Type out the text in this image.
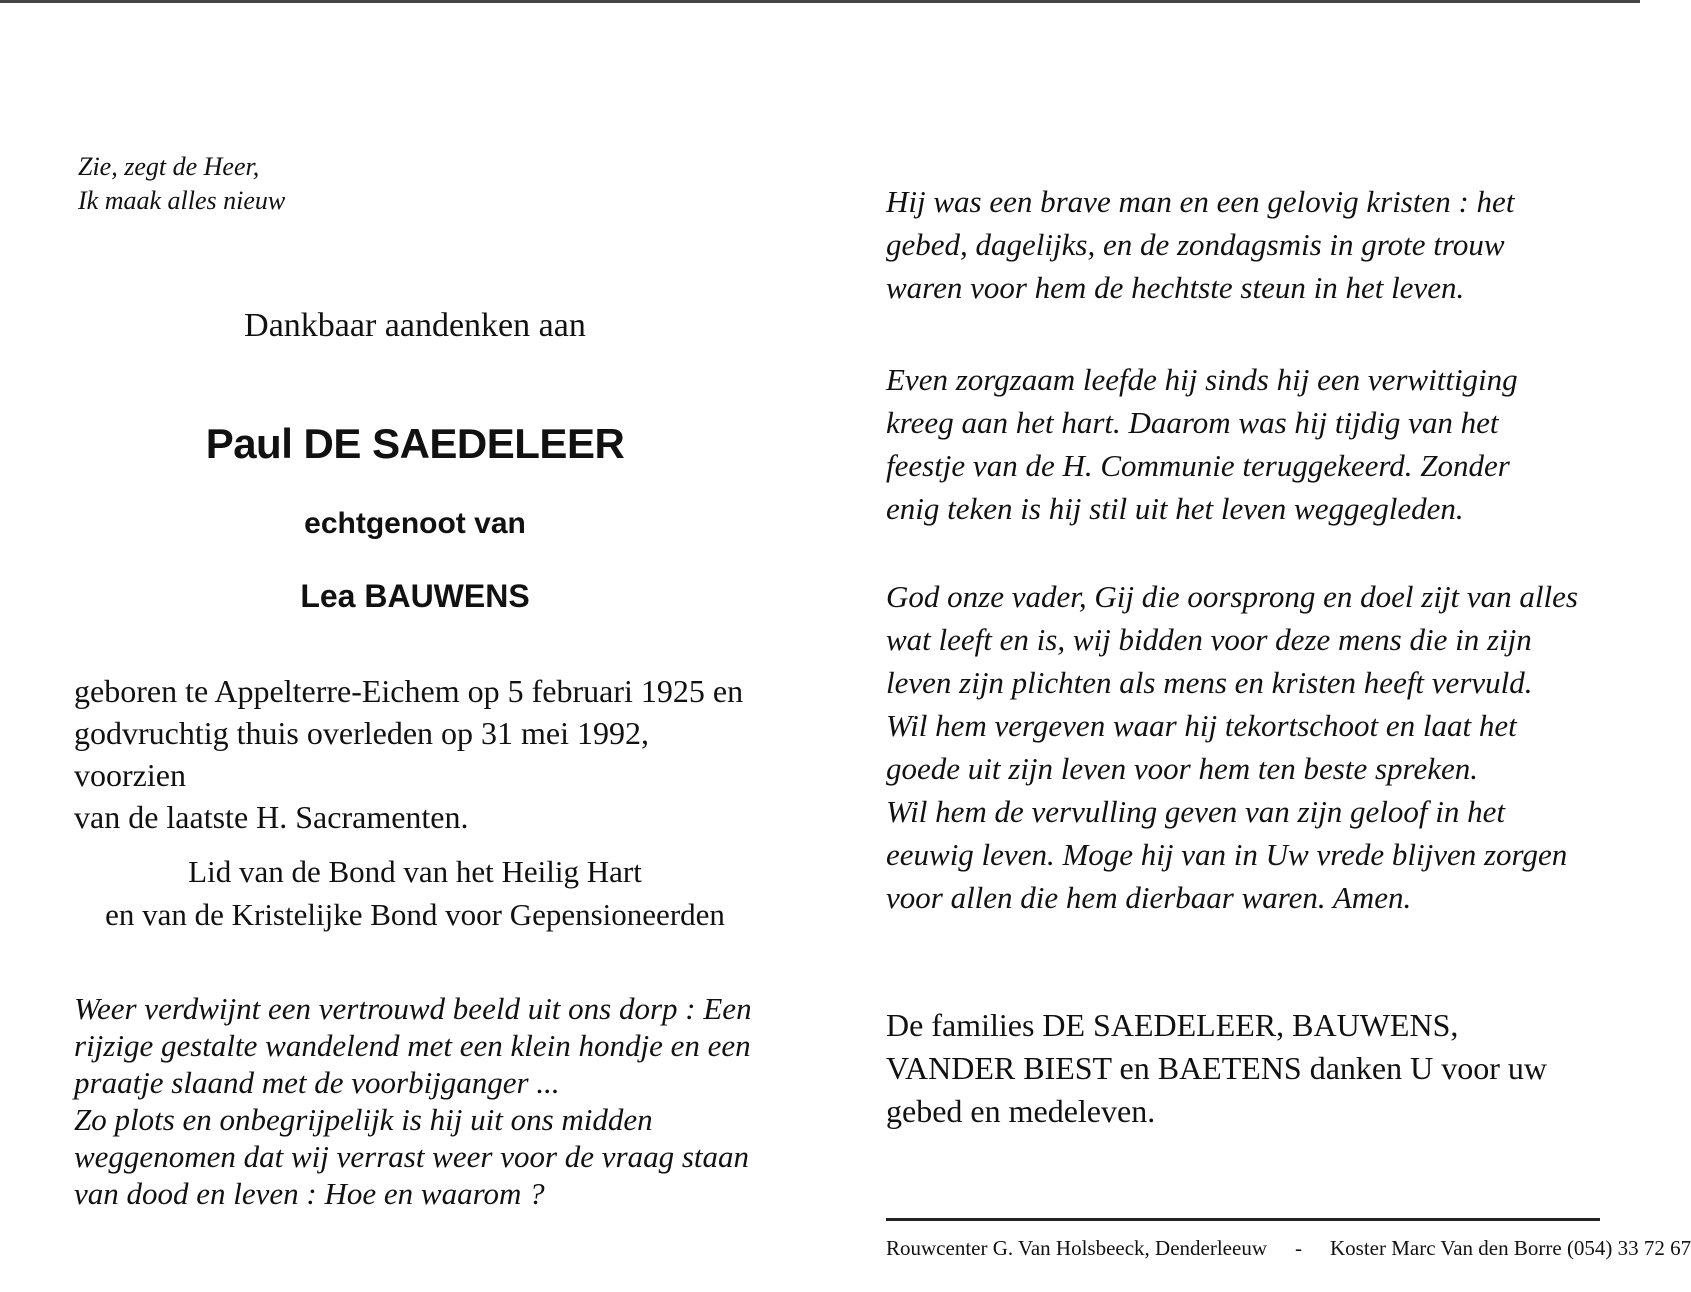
Zie, zegt de Heer,
Ik maak alles nieuw
Dankbaar aandenken aan
Paul DE SAEDELEER
echtgenoot van
Lea BAUWENS
geboren te Appelterre-Eichem op 5 februari 1925 en
godvruchtig thuis overleden op 31 mei 1992, voorzien
van de laatste H. Sacramenten.
Lid van de Bond van het Heilig Hart
en van de Kristelijke Bond voor Gepensioneerden
Weer verdwijnt een vertrouwd beeld uit ons dorp : Een
rijzige gestalte wandelend met een klein hondje en een
praatje slaand met de voorbijganger ...
Zo plots en onbegrijpelijk is hij uit ons midden
weggenomen dat wij verrast weer voor de vraag staan
van dood en leven : Hoe en waarom ?
Hij was een brave man en een gelovig kristen : het
gebed, dagelijks, en de zondagsmis in grote trouw
waren voor hem de hechtste steun in het leven.
Even zorgzaam leefde hij sinds hij een verwittiging
kreeg aan het hart. Daarom was hij tijdig van het
feestje van de H. Communie teruggekeerd. Zonder
enig teken is hij stil uit het leven weggegleden.
God onze vader, Gij die oorsprong en doel zijt van alles
wat leeft en is, wij bidden voor deze mens die in zijn
leven zijn plichten als mens en kristen heeft vervuld.
Wil hem vergeven waar hij tekortschoot en laat het
goede uit zijn leven voor hem ten beste spreken.
Wil hem de vervulling geven van zijn geloof in het
eeuwig leven. Moge hij van in Uw vrede blijven zorgen
voor allen die hem dierbaar waren. Amen.
De families DE SAEDELEER, BAUWENS,
VANDER BIEST en BAETENS danken U voor uw
gebed en medeleven.
Rouwcenter G. Van Holsbeeck, Denderleeuw - Koster Marc Van den Borre (054) 33 72 67
